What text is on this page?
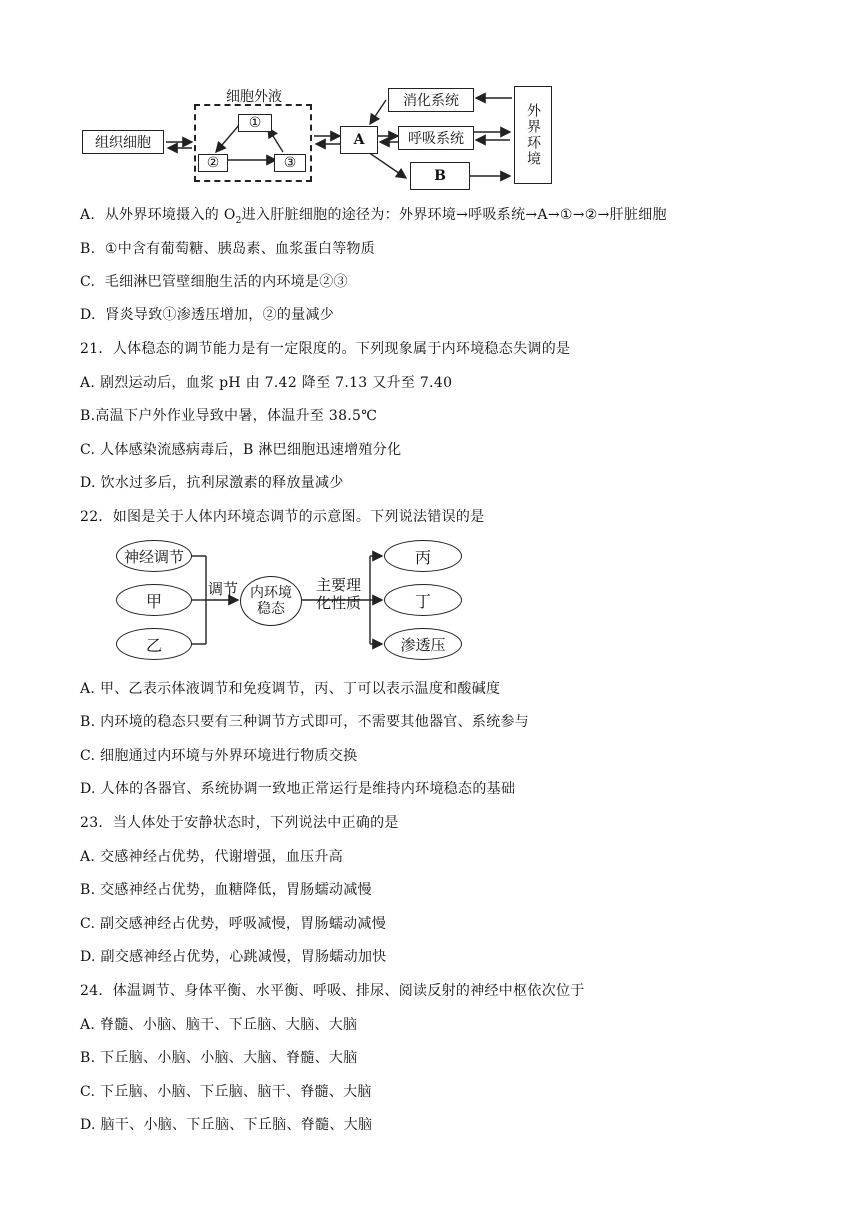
组织细胞
细胞外液
①
②	③
A
消化系统
呼吸系统
B
外界环境
A. 从外界环境摄入的 $O_2$进入肝脏细胞的途径为：外界环境→呼吸系统→A→①→②→肝脏细胞
B. ①中含有葡萄糖、胰岛素、血浆蛋白等物质
C. 毛细淋巴管壁细胞生活的内环境是②③
D. 肾炎导致①渗透压增加，②的量减少
21．人体稳态的调节能力是有一定限度的。下列现象属于内环境稳态失调的是
A. 剧烈运动后，血浆 pH 由 7.42 降至 7.13 又升至 7.40
B.高温下户外作业导致中暑，体温升至 38.5℃
C. 人体感染流感病毒后，B 淋巴细胞迅速增殖分化
D. 饮水过多后，抗利尿激素的释放量减少
22．如图是关于人体内环境态调节的示意图。下列说法错误的是
神经调节
甲
乙
调节 内环境
稳态
主要理
化性质
丙
丁
渗透压
A. 甲、乙表示体液调节和免疫调节，丙、丁可以表示温度和酸碱度
B. 内环境的稳态只要有三种调节方式即可，不需要其他器官、系统参与
C. 细胞通过内环境与外界环境进行物质交换
D. 人体的各器官、系统协调一致地正常运行是维持内环境稳态的基础
23．当人体处于安静状态时，下列说法中正确的是
A. 交感神经占优势，代谢增强，血压升高
B. 交感神经占优势，血糖降低，胃肠蠕动减慢
C. 副交感神经占优势，呼吸减慢，胃肠蠕动减慢
D. 副交感神经占优势，心跳减慢，胃肠蠕动加快
24．体温调节、身体平衡、水平衡、呼吸、排尿、阅读反射的神经中枢依次位于
A. 脊髓、小脑、脑干、下丘脑、大脑、大脑
B. 下丘脑、小脑、小脑、大脑、脊髓、大脑
C. 下丘脑、小脑、下丘脑、脑干、脊髓、大脑
D. 脑干、小脑、下丘脑、下丘脑、脊髓、大脑
